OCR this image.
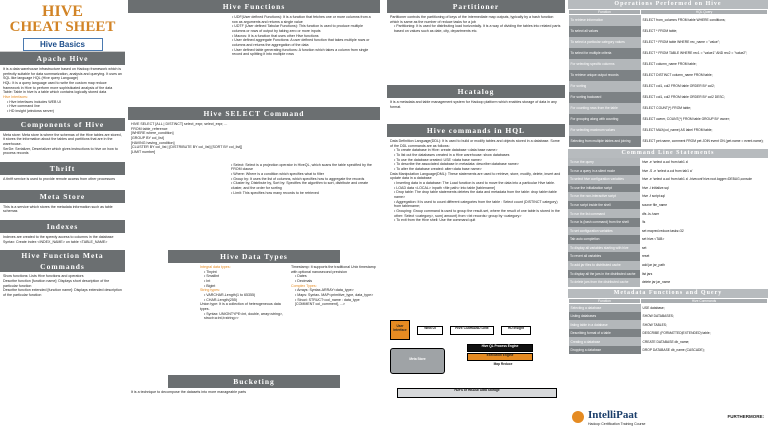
HIVE
CHEAT SHEET
Hive Basics
Apache Hive
It is a data warehouse infrastructure based on Hadoop framework which is perfectly suitable for data summarization, analysis and querying. It uses an SQL like language HQL (Hive query Language)
HQL: It is a query language used to write the custom map reduce framework in Hive to perform more sophisticated analysis of the data
Table: Table in hive is a table which contains logically stored data
Hive Interfaces:
• Hive interfaces includes WEB UI
• Hive command line
• HD insight (windows server)
Components of Hive
Meta store: Meta store is where the schemas of the Hive tables are stored, it stores the information about the tables and partitions that are in the warehouse.
SerDe: Serializer, Deserializer which gives instructions to hive on how to process records
Thrift
A thrift service is used to provide remote access from other processors
Meta Store
This is a service which stores the metadata information such as table schemas
Indexes
Indexes are created to the speedy access to columns in the database
Syntax: Create index <INDEX_NAME> on table <TABLE_NAME>
Hive Function Meta Commands
Show functions: Lists Hive functions and operators
Describe function [function name]: Displays short description of the particular function
Describe function extended [function name]: Displays extended description of the particular function
Hive Functions
• UDF(User defined Functions): It is a function that fetches one or more columns from a row as arguments and returns a single value
• UDTF (User defined Tabular Functions): This function is used to produce multiple columns or rows of output by taking zero or more inputs
• Macros: It is a function that uses other Hive functions
• User defined aggregate Functions: A user defined function that takes multiple rows or columns and returns the aggregation of the data
• User defined table generating functions: A function which takes a column from single record and splitting it into multiple rows
Hive SELECT Command
HIVE SELECT [ALL | DISTINCT] select_expr, select_expr, ...
FROM table_reference
[WHERE where_condition]
[GROUP BY col_list]
[HAVING having_condition]
[CLUSTER BY col_list | [DISTRIBUTE BY col_list] [SORT BY col_list]]
[LIMIT number]
• Select: Select is a projection operator in HiveQL, which scans the table specified by the FROM clause
• Where: Where is a condition which specifies what to filter
• Group by: It uses the list of columns, which specifies how to aggregate the records
• Cluster by, Distribute by, Sort by: Specifies the algorithm to sort, distribute and create cluster, and the order for sorting
• Limit: This specifies how many records to be retrieved
Hive Data Types
Integral data types:
• Tinyint
• Smallint
• Int
• Bigint
String types:
• VARCHAR-Length(1 to 65355)
• CHAR-Length(255)
Union type: It is a collection of heterogeneous data types.
• Syntax: UNIONTYPE<int, double, array<string>, struct<a:int,b:string>>
Timestamp: It supports the traditional Unix timestamp with optional nanosecond precision
• Dates
• Decimals
Complex Types:
• Arrays: Syntax-ARRAY<data_type>
• Maps: Syntax- MAP<primitive_type, data_type>
• Struct: STRUCT<col_name : data_type [COMMENT col_comment], ...>
Bucketing
It is a technique to decompose the datasets into more manageable parts
Partitioner
Partitioner controls the partitioning of keys of the intermediate map outputs, typically by a hash function which is same as the number of reduce tasks for a job
• Partitioning: It is used for distributing load horizontally. It is a way of dividing the tables into related parts based on values such as date, city, departments etc.
Hcatalog
It is a metadata and table management system for Hadoop platform which enables storage of data in any format.
Hive commands in HQL
Data Definition Language(DDL): It is used to build or modify tables and objects stored in a database. Some of the DDL commands are as follows:
• To create database in Hive: create database <data base name>
• To list out the databases created in a Hive warehouse: show databases
• To use the database created: USE <data base name>
• To describe the associated database in metadata: describe<database name>
• To alter the database created: alter<data base name>
Data Manipulation Language(DML): These statements are used to retrieve, store, modify, delete, insert and update data in a database
• Inserting data in a database: The Load function is used to move the data into a particular Hive table.
• LOAD data <LOCAL> inpath <file path> into table [tablename]
• Drop table: The drop table statements deletes the data and metadata from the table: drop table<table name>
• Aggregation: It is used to count different categories from the table : Select count (DISTINCT category) from tablename;
• Grouping: Group command is used to group the result-set, where the result of one table is stored in the other: Select <category>, sum( amount) from <txt records> group by <category>
• To exit from the Hive shell: Use the command quit
User Interface	WEB UI	HIVE COMMAND LINE	HD Insight
Meta Store
Hive QL Process Engine
Execution Engine
Map Reduce
HDFS or HBASE Data Storage
Operations Performed on Hive
Function	HQL Query
To retrieve information	SELECT from_columns FROM table WHERE conditions;
To select all values	SELECT * FROM table;
To select a particular category values	SELECT * FROM table WHERE rec_name = "value";
To select for multiple criteria	SELECT * FROM TABLE WHERE rec1 = "value1" AND rec2 = "value2";
For selecting specific columns	SELECT column_name FROM table;
To retrieve unique output records	SELECT DISTINCT column_name FROM table;
For sorting	SELECT col1, col2 FROM table ORDER BY col2;
For sorting backward	SELECT col1, col2 FROM table ORDER BY col2 DESC;
For counting rows from the table	SELECT COUNT(*) FROM table;
For grouping along with counting	SELECT owner, COUNT(*) FROM table GROUP BY owner;
For selecting maximum values	SELECT MAX(col_name) AS label FROM table;
Selecting from multiple tables and joining	SELECT pet.name, comment FROM pet JOIN event ON (pet.name = event.name);
Command Line Statements
To run the query	hive -e 'select a.col from tab1 a'
To run a query in a silent mode	hive -S -e 'select a.col from tab1 a'
To select hive configuration variables	hive -e 'select a.col from tab1 a' -hiveconf hive.root.logger=DEBUG,console
To use the initialization script	hive -i initialize.sql
To run the non-interactive script	hive -f script.sql
To run script inside the shell	source file_name
To run the list command	dfs -ls /user
To run ls (bash command) from the shell	!ls
To set configuration variables	set mapred.reduce.tasks=32
Tab auto completion	set hive.<TAB>
To display all variables starting with hive	set
To revert all variables	reset
To add jar files to distributed cache	add jar jar_path
To display all the jars in the distributed cache	list jars
To delete jars from the distributed cache	delete jar jar_name
Metadata Functions and Query
Function	Hive Commands
Selecting a database	USE database;
Listing databases	SHOW DATABASES;
listing table in a database	SHOW TABLES;
Describing format of a table	DESCRIBE (FORMATTED|EXTENDED) table;
Creating a database	CREATE DATABASE db_name;
Dropping a database	DROP DATABASE db_name (CASCADE);
IntelliPaat
Hadoop Certification Training Course
FURTHERMORE:
